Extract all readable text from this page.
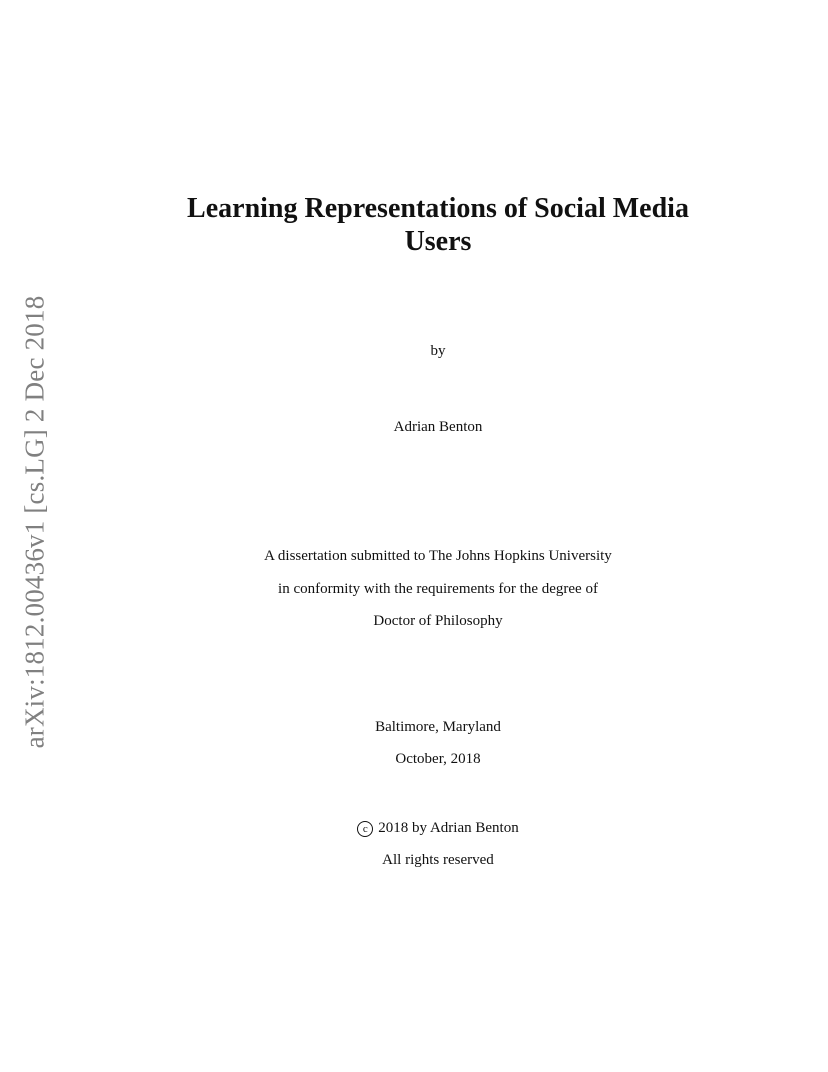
arXiv:1812.00436v1 [cs.LG] 2 Dec 2018
Learning Representations of Social Media
Users

by

Adrian Benton

A dissertation submitted to The Johns Hopkins University

in conformity with the requirements for the degree of

Doctor of Philosophy

Baltimore, Maryland

October, 2018

c 2018 by Adrian Benton

All rights reserved
